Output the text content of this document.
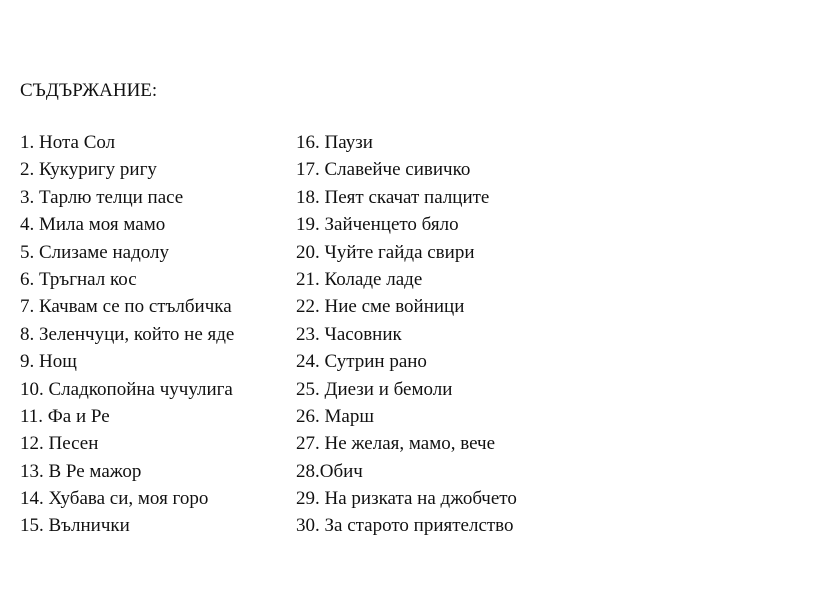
СЪДЪРЖАНИЕ:
1. Нота Сол
2. Кукуригу ригу
3. Тарлю телци пасе
4. Мила моя мамо
5. Слизаме надолу
6. Тръгнал кос
7. Качвам се по стълбичка
8. Зеленчуци, който не яде
9. Нощ
10. Сладкопойна чучулига
11. Фа и Ре
12. Песен
13. В Ре мажор
14. Хубава си, моя горо
15. Вълнички
16. Паузи
17. Славейче сивичко
18. Пеят скачат палците
19. Зайченцето бяло
20. Чуйте гайда свири
21. Коладе ладе
22. Ние сме войници
23. Часовник
24. Сутрин рано
25. Диези и бемоли
26. Марш
27. Не желая, мамо, вече
28.Обич
29. На ризката на джобчето
30. За старото приятелство
